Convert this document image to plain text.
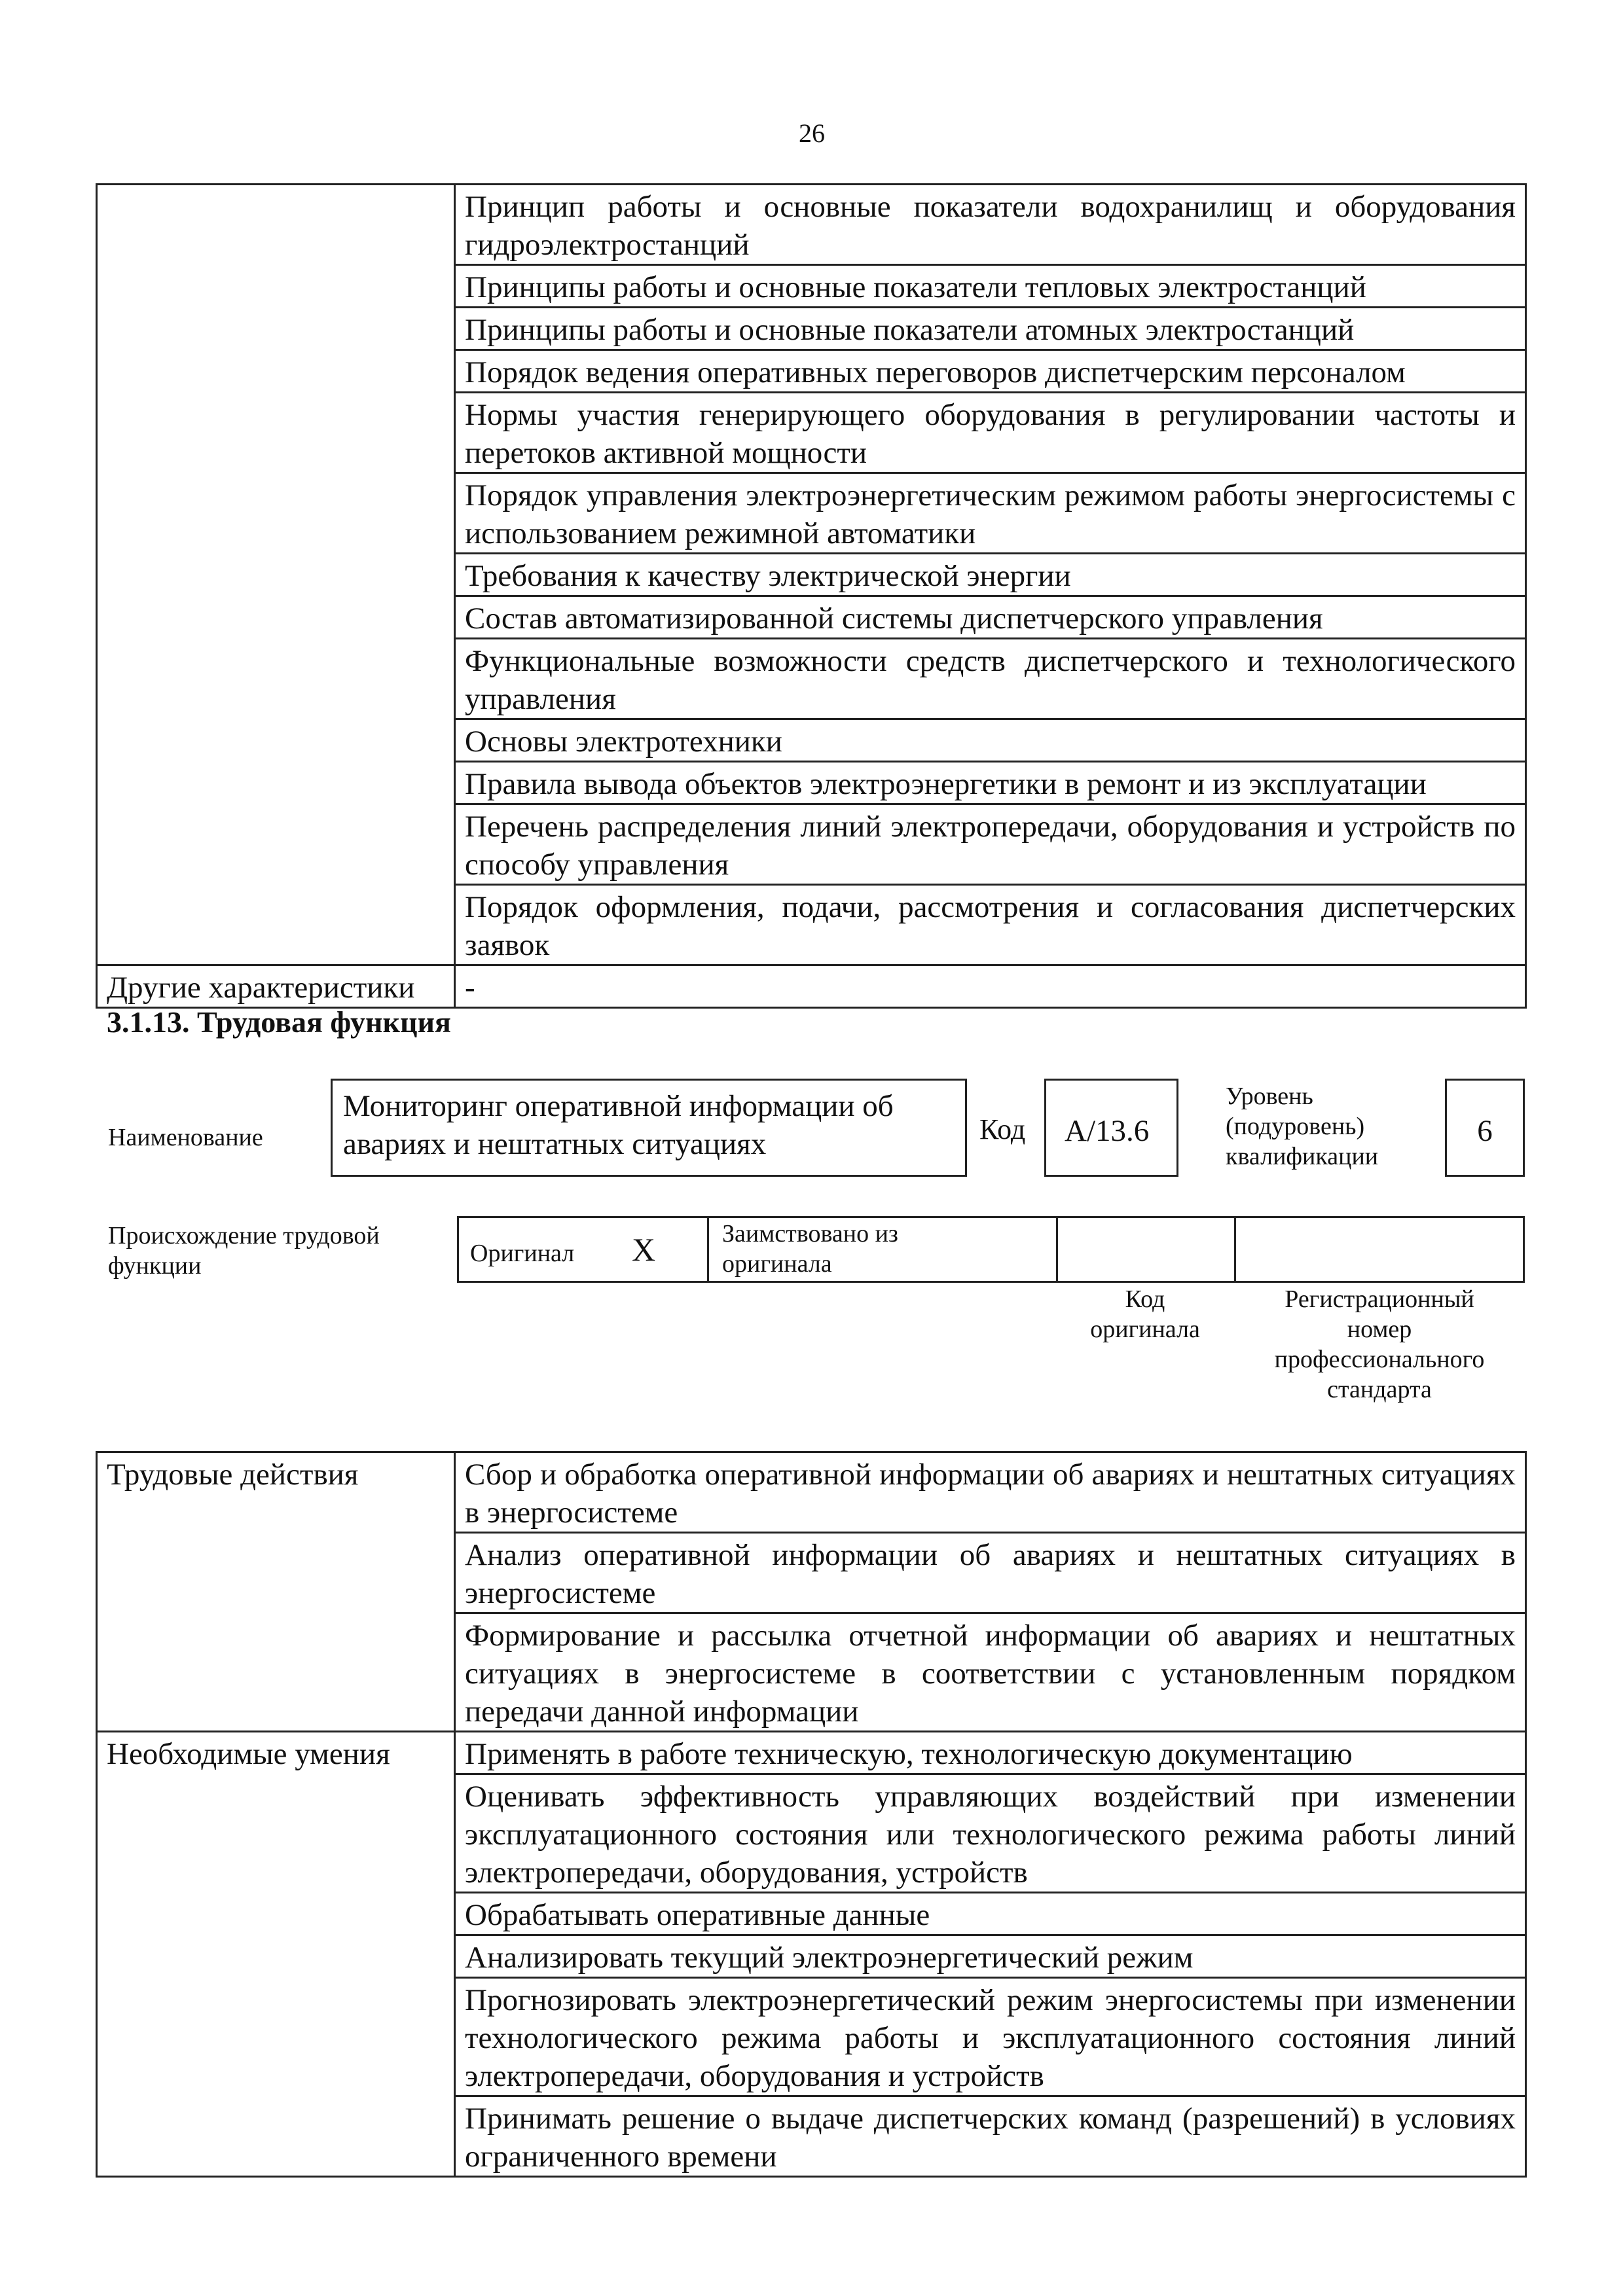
26
	Принцип работы и основные показатели водохранилищ и оборудования гидроэлектростанций
	Принципы работы и основные показатели тепловых электростанций
	Принципы работы и основные показатели атомных электростанций
	Порядок ведения оперативных переговоров диспетчерским персоналом
	Нормы участия генерирующего оборудования в регулировании частоты и перетоков активной мощности
	Порядок управления электроэнергетическим режимом работы энергосистемы с использованием режимной автоматики
	Требования к качеству электрической энергии
	Состав автоматизированной системы диспетчерского управления
	Функциональные возможности средств диспетчерского и технологического управления
	Основы электротехники
	Правила вывода объектов электроэнергетики в ремонт и из эксплуатации
	Перечень распределения линий электропередачи, оборудования и устройств по способу управления
	Порядок оформления, подачи, рассмотрения и согласования диспетчерских заявок
Другие характеристики	-
3.1.13. Трудовая функция
Наименование
Мониторинг оперативной информации об авариях и нештатных ситуациях	Код	A/13.6
Уровень
(подуровень)
квалификации
6
Происхождение трудовой
функции	Оригинал X	Заимствовано из
оригинала
Код
оригинала
Регистрационный
номер
профессионального
стандарта
Трудовые действия	Сбор и обработка оперативной информации об авариях и нештатных ситуациях в энергосистеме
	Анализ оперативной информации об авариях и нештатных ситуациях в энергосистеме
	Формирование и рассылка отчетной информации об авариях и нештатных ситуациях в энергосистеме в соответствии с установленным порядком передачи данной информации
Необходимые умения	Применять в работе техническую, технологическую документацию
	Оценивать эффективность управляющих воздействий при изменении эксплуатационного состояния или технологического режима работы линий электропередачи, оборудования, устройств
	Обрабатывать оперативные данные
	Анализировать текущий электроэнергетический режим
	Прогнозировать электроэнергетический режим энергосистемы при изменении технологического режима работы и эксплуатационного состояния линий электропередачи, оборудования и устройств
	Принимать решение о выдаче диспетчерских команд (разрешений) в условиях ограниченного времени
